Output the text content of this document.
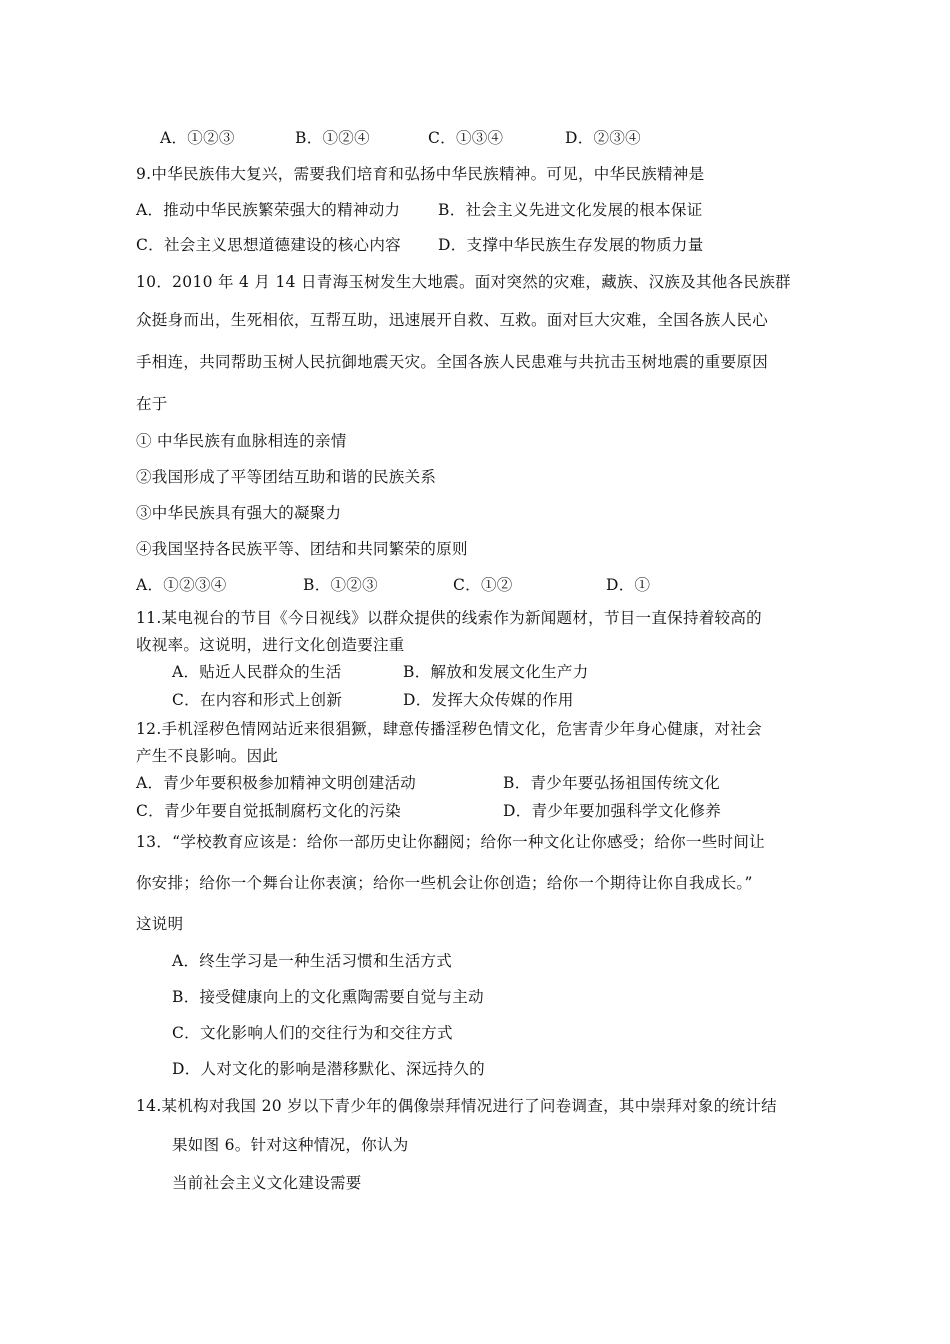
A．①②③	B．①②④	C．①③④	D．②③④
9.中华民族伟大复兴，需要我们培育和弘扬中华民族精神。可见，中华民族精神是
A．推动中华民族繁荣强大的精神动力 B．社会主义先进文化发展的根本保证
C．社会主义思想道德建设的核心内容 D．支撑中华民族生存发展的物质力量
10．2010 年 4 月 14 日青海玉树发生大地震。面对突然的灾难，藏族、汉族及其他各民族群
众挺身而出，生死相依，互帮互助，迅速展开自救、互救。面对巨大灾难，全国各族人民心
手相连，共同帮助玉树人民抗御地震天灾。全国各族人民患难与共抗击玉树地震的重要原因
在于
① 中华民族有血脉相连的亲情
②我国形成了平等团结互助和谐的民族关系
③中华民族具有强大的凝聚力
④我国坚持各民族平等、团结和共同繁荣的原则
A．①②③④	B．①②③	C．①②	D．①
11.某电视台的节目《今日视线》以群众提供的线索作为新闻题材，节目一直保持着较高的
收视率。这说明，进行文化创造要注重
A．贴近人民群众的生活	B．解放和发展文化生产力
C．在内容和形式上创新	D．发挥大众传媒的作用
12.手机淫秽色情网站近来很猖獗，肆意传播淫秽色情文化，危害青少年身心健康，对社会
产生不良影响。因此
A．青少年要积极参加精神文明创建活动	B．青少年要弘扬祖国传统文化
C．青少年要自觉抵制腐朽文化的污染	D．青少年要加强科学文化修养
13．“学校教育应该是：给你一部历史让你翻阅；给你一种文化让你感受；给你一些时间让
你安排；给你一个舞台让你表演；给你一些机会让你创造；给你一个期待让你自我成长。”
这说明
A．终生学习是一种生活习惯和生活方式
B．接受健康向上的文化熏陶需要自觉与主动
C．文化影响人们的交往行为和交往方式
D．人对文化的影响是潜移默化、深远持久的
14.某机构对我国 20 岁以下青少年的偶像崇拜情况进行了问卷调查，其中崇拜对象的统计结
果如图 6。针对这种情况，你认为
当前社会主义文化建设需要
